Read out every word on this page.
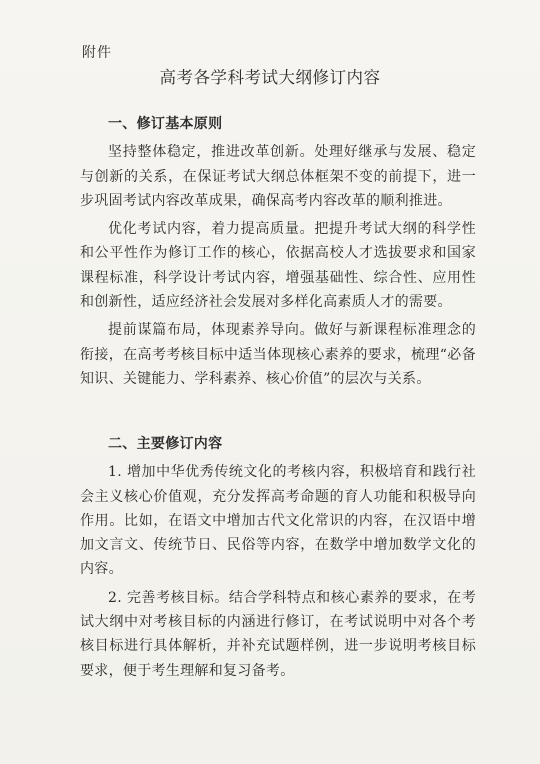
附件
高考各学科考试大纲修订内容
一、修订基本原则

坚持整体稳定，推进改革创新。处理好继承与发展、稳定与创新的关系，在保证考试大纲总体框架不变的前提下，进一步巩固考试内容改革成果，确保高考内容改革的顺利推进。

优化考试内容，着力提高质量。把提升考试大纲的科学性和公平性作为修订工作的核心，依据高校人才选拔要求和国家课程标准，科学设计考试内容，增强基础性、综合性、应用性和创新性，适应经济社会发展对多样化高素质人才的需要。

提前谋篇布局，体现素养导向。做好与新课程标准理念的衔接，在高考考核目标中适当体现核心素养的要求，梳理“必备知识、关键能力、学科素养、核心价值”的层次与关系。

二、主要修订内容

1. 增加中华优秀传统文化的考核内容，积极培育和践行社会主义核心价值观，充分发挥高考命题的育人功能和积极导向作用。比如，在语文中增加古代文化常识的内容，在汉语中增加文言文、传统节日、民俗等内容，在数学中增加数学文化的内容。

2. 完善考核目标。结合学科特点和核心素养的要求，在考试大纲中对考核目标的内涵进行修订，在考试说明中对各个考核目标进行具体解析，并补充试题样例，进一步说明考核目标要求，便于考生理解和复习备考。
